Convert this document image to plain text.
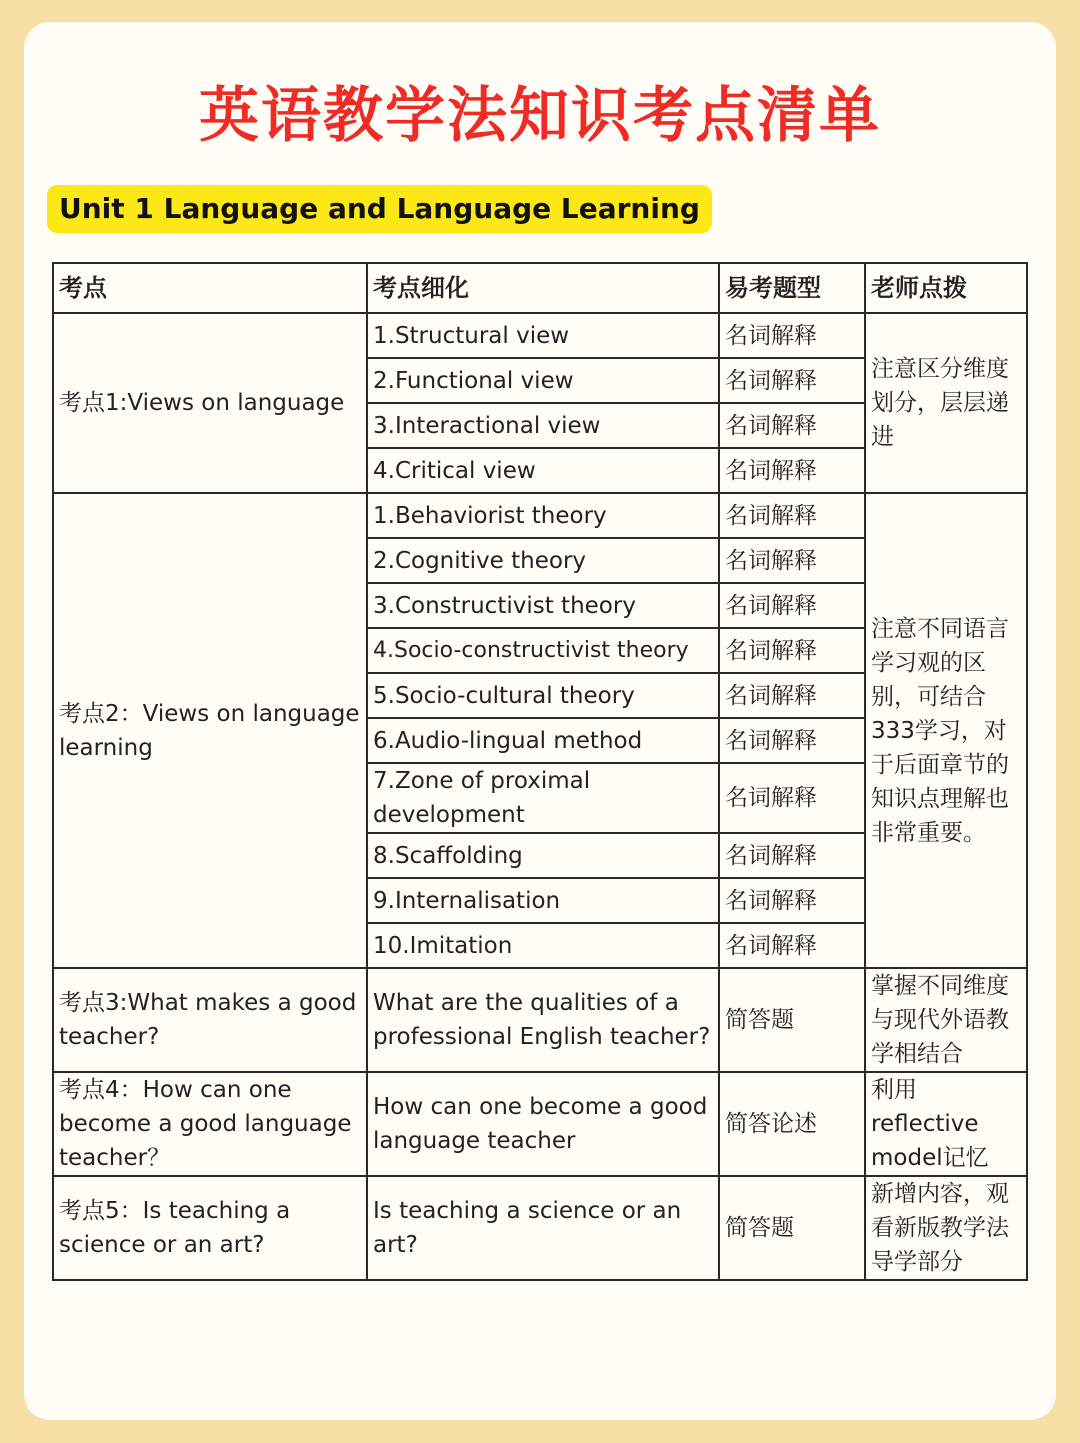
英语教学法知识考点清单
Unit 1 Language and Language Learning
考点	考点细化	易考题型	老师点拨
考点1:Views on language	1.Structural view	名词解释	注意区分维度划分，层层递进
	2.Functional view	名词解释	
	3.Interactional view	名词解释	
	4.Critical view	名词解释	
考点2：Views on language learning	1.Behaviorist theory	名词解释	注意不同语言学习观的区别，可结合333学习，对于后面章节的知识点理解也非常重要。
	2.Cognitive theory	名词解释	
	3.Constructivist theory	名词解释	
	4.Socio-constructivist theory	名词解释	
	5.Socio-cultural theory	名词解释	
	6.Audio-lingual method	名词解释	
	7.Zone of proximal development	名词解释	
	8.Scaffolding	名词解释	
	9.Internalisation	名词解释	
	10.Imitation	名词解释	
考点3:What makes a good teacher?	What are the qualities of a professional English teacher?	简答题	掌握不同维度与现代外语教学相结合
考点4：How can one become a good language teacher？	How can one become a good language teacher	简答论述	利用reflective model记忆
考点5：Is teaching a science or an art?	Is teaching a science or an art?	简答题	新增内容，观看新版教学法导学部分
